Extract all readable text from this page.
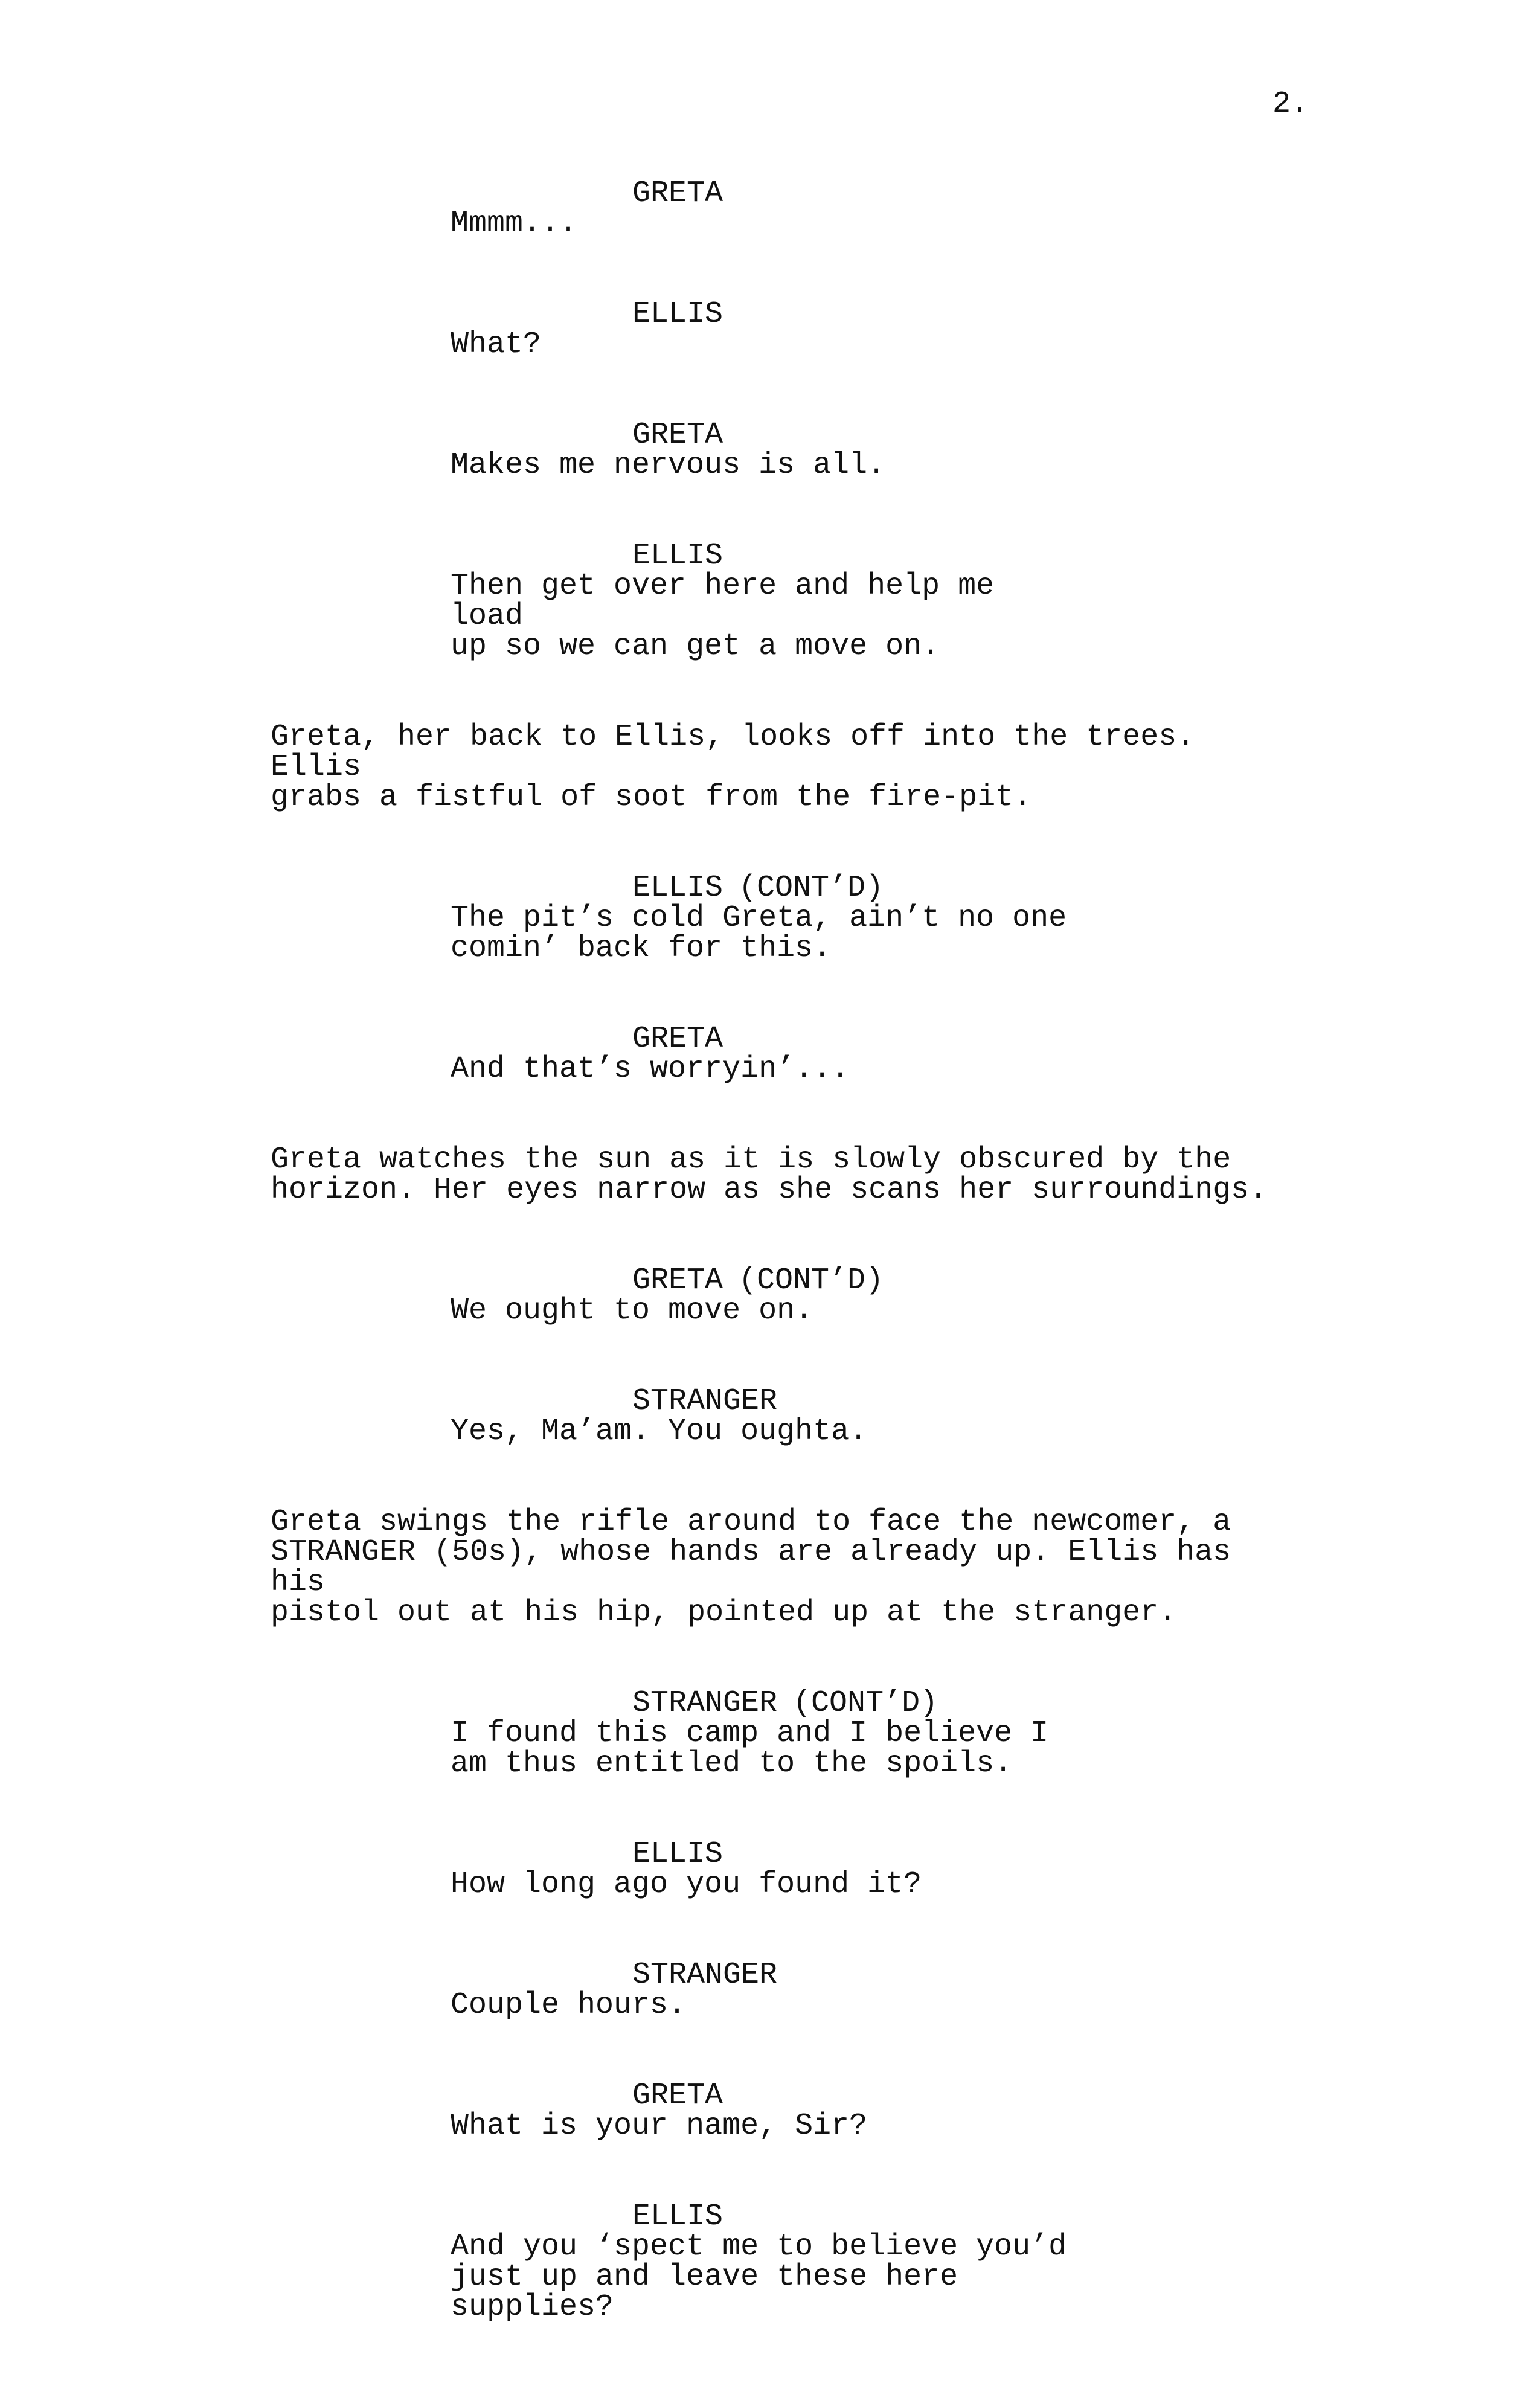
2.
GRETA
Mmmm...
ELLIS
What?
GRETA
Makes me nervous is all.
ELLIS
Then get over here and help me load
up so we can get a move on.
Greta, her back to Ellis, looks off into the trees. Ellis
grabs a fistful of soot from the fire-pit.
ELLIS (CONT’D)
The pit’s cold Greta, ain’t no one
comin’ back for this.
GRETA
And that’s worryin’...
Greta watches the sun as it is slowly obscured by the
horizon. Her eyes narrow as she scans her surroundings.
GRETA (CONT’D)
We ought to move on.
STRANGER
Yes, Ma’am. You oughta.
Greta swings the rifle around to face the newcomer, a
STRANGER (50s), whose hands are already up. Ellis has his
pistol out at his hip, pointed up at the stranger.
STRANGER (CONT’D)
I found this camp and I believe I
am thus entitled to the spoils.
ELLIS
How long ago you found it?
STRANGER
Couple hours.
GRETA
What is your name, Sir?
ELLIS
And you ‘spect me to believe you’d
just up and leave these here
supplies?
